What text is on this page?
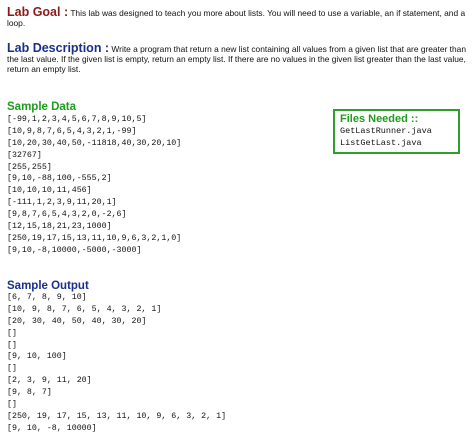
Lab Goal : This lab was designed to teach you more about lists. You will need to use a variable, an if statement, and a loop.
Lab Description : Write a program that return a new list containing all values from a given list that are greater than the last value. If the given list is empty, return an empty list. If there are no values in the given list greater than the last value, return an empty list.
Sample Data
[-99,1,2,3,4,5,6,7,8,9,10,5]
[10,9,8,7,6,5,4,3,2,1,-99]
[10,20,30,40,50,-11818,40,30,20,10]
[32767]
[255,255]
[9,10,-88,100,-555,2]
[10,10,10,11,456]
[-111,1,2,3,9,11,20,1]
[9,8,7,6,5,4,3,2,0,-2,6]
[12,15,18,21,23,1000]
[250,19,17,15,13,11,10,9,6,3,2,1,0]
[9,10,-8,10000,-5000,-3000]
Files Needed ::
GetLastRunner.java
ListGetLast.java
Sample Output
[6, 7, 8, 9, 10]
[10, 9, 8, 7, 6, 5, 4, 3, 2, 1]
[20, 30, 40, 50, 40, 30, 20]
[]
[]
[9, 10, 100]
[]
[2, 3, 9, 11, 20]
[9, 8, 7]
[]
[250, 19, 17, 15, 13, 11, 10, 9, 6, 3, 2, 1]
[9, 10, -8, 10000]
